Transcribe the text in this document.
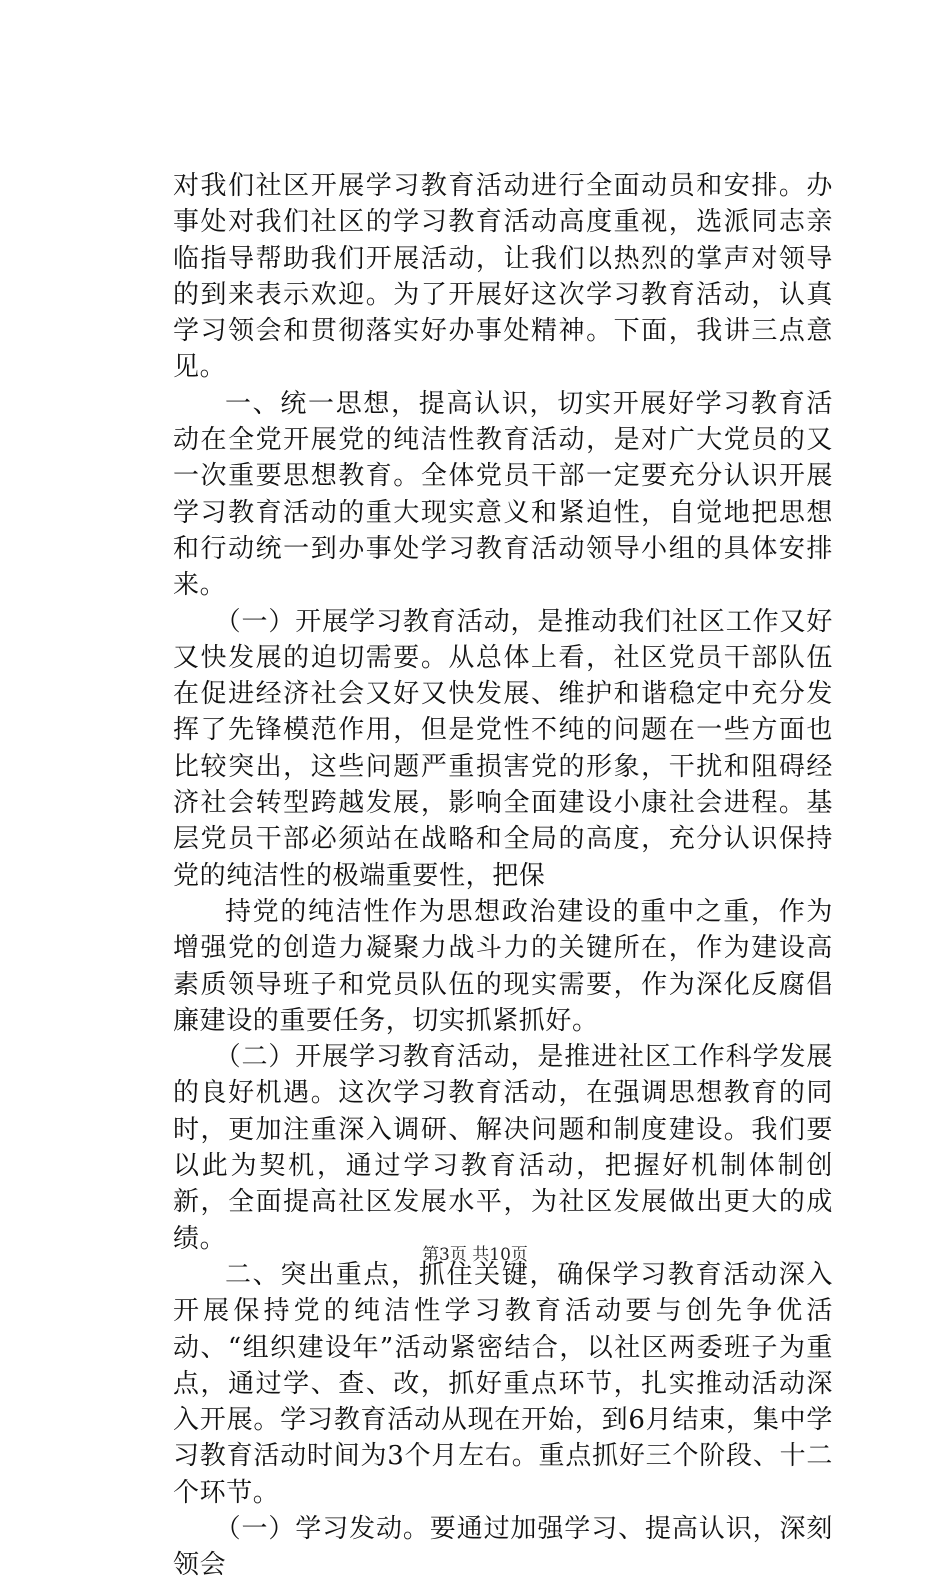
对我们社区开展学习教育活动进行全面动员和安排。办事处对我们社区的学习教育活动高度重视，选派同志亲临指导帮助我们开展活动，让我们以热烈的掌声对领导的到来表示欢迎。为了开展好这次学习教育活动，认真学习领会和贯彻落实好办事处精神。下面，我讲三点意见。

一、统一思想，提高认识，切实开展好学习教育活动在全党开展党的纯洁性教育活动，是对广大党员的又一次重要思想教育。全体党员干部一定要充分认识开展学习教育活动的重大现实意义和紧迫性，自觉地把思想和行动统一到办事处学习教育活动领导小组的具体安排来。

（一）开展学习教育活动，是推动我们社区工作又好又快发展的迫切需要。从总体上看，社区党员干部队伍在促进经济社会又好又快发展、维护和谐稳定中充分发挥了先锋模范作用，但是党性不纯的问题在一些方面也比较突出，这些问题严重损害党的形象，干扰和阻碍经济社会转型跨越发展，影响全面建设小康社会进程。基层党员干部必须站在战略和全局的高度，充分认识保持党的纯洁性的极端重要性，把保

持党的纯洁性作为思想政治建设的重中之重，作为增强党的创造力凝聚力战斗力的关键所在，作为建设高素质领导班子和党员队伍的现实需要，作为深化反腐倡廉建设的重要任务，切实抓紧抓好。

（二）开展学习教育活动，是推进社区工作科学发展的良好机遇。这次学习教育活动，在强调思想教育的同时，更加注重深入调研、解决问题和制度建设。我们要以此为契机，通过学习教育活动，把握好机制体制创新，全面提高社区发展水平，为社区发展做出更大的成绩。

二、突出重点，抓住关键，确保学习教育活动深入开展保持党的纯洁性学习教育活动要与创先争优活动、“组织建设年”活动紧密结合，以社区两委班子为重点，通过学、查、改，抓好重点环节，扎实推动活动深入开展。学习教育活动从现在开始，到6月结束，集中学习教育活动时间为3个月左右。重点抓好三个阶段、十二个环节。

（一）学习发动。要通过加强学习、提高认识，深刻领会

第3页 共10页
